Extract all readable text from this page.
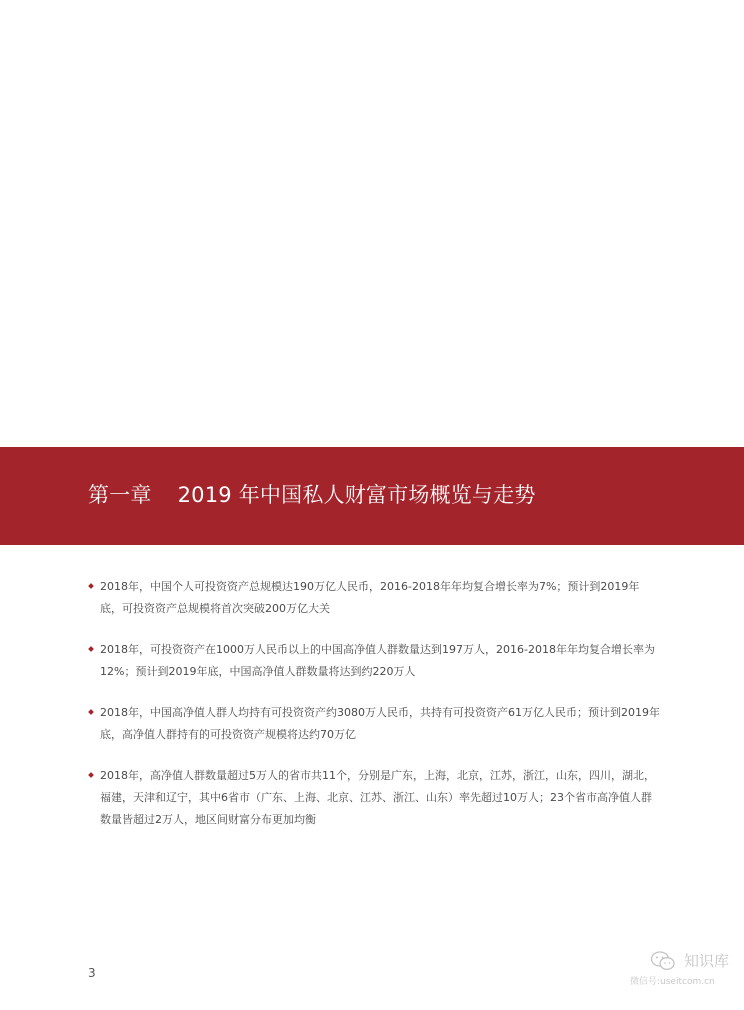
第一章 2019 年中国私人财富市场概览与走势
2018年，中国个人可投资资产总规模达190万亿人民币，2016-2018年年均复合增长率为7%；预计到2019年底，可投资资产总规模将首次突破200万亿大关
2018年，可投资资产在1000万人民币以上的中国高净值人群数量达到197万人，2016-2018年年均复合增长率为12%；预计到2019年底，中国高净值人群数量将达到约220万人
2018年，中国高净值人群人均持有可投资资产约3080万人民币，共持有可投资资产61万亿人民币；预计到2019年底，高净值人群持有的可投资资产规模将达约70万亿
2018年，高净值人群数量超过5万人的省市共11个，分别是广东，上海，北京，江苏，浙江，山东，四川，湖北，福建，天津和辽宁，其中6省市（广东、上海、北京、江苏、浙江、山东）率先超过10万人；23个省市高净值人群数量皆超过2万人，地区间财富分布更加均衡
3
知识库
微信号:useitcom.cn
